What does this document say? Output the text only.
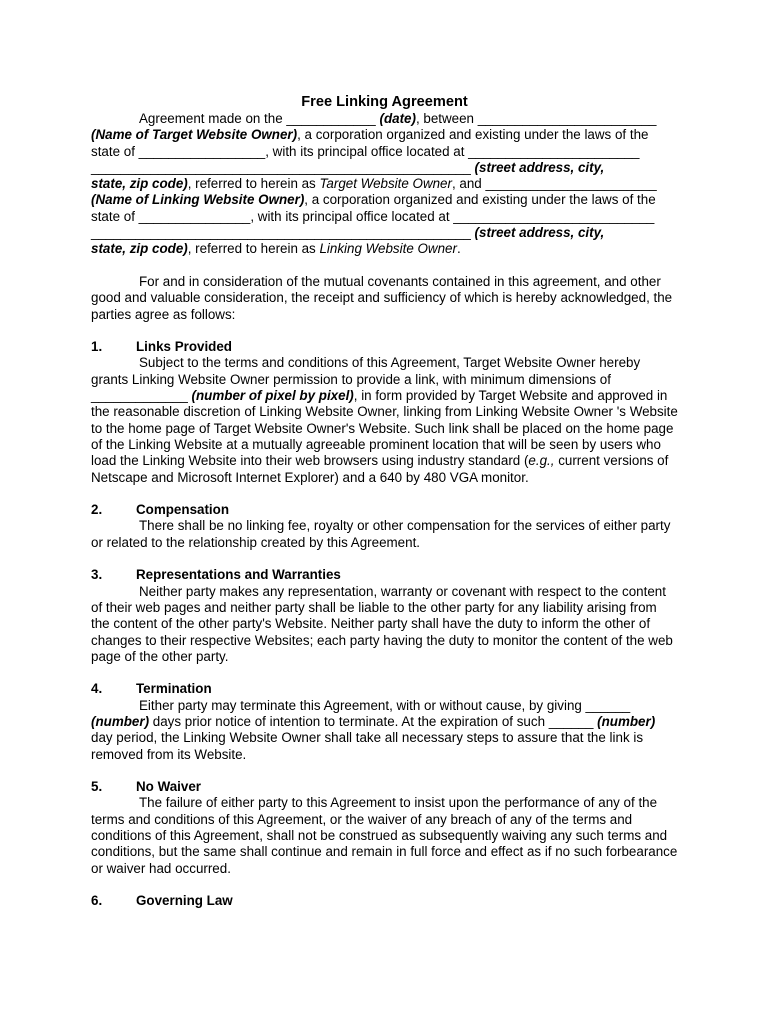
Free Linking Agreement

Agreement made on the ____________ (date), between ________________________

(Name of Target Website Owner), a corporation organized and existing under the laws of the

state of _________________, with its principal office located at _______________________

___________________________________________________ (street address, city,

state, zip code), referred to herein as Target Website Owner, and _______________________

(Name of Linking Website Owner), a corporation organized and existing under the laws of the

state of _______________, with its principal office located at ___________________________

___________________________________________________ (street address, city,

state, zip code), referred to herein as Linking Website Owner.

For and in consideration of the mutual covenants contained in this agreement, and other good and valuable consideration, the receipt and sufficiency of which is hereby acknowledged, the parties agree as follows:

1.	Links Provided

Subject to the terms and conditions of this Agreement, Target Website Owner hereby grants Linking Website Owner permission to provide a link, with minimum dimensions of _____________ (number of pixel by pixel), in form provided by Target Website and approved in the reasonable discretion of Linking Website Owner, linking from Linking Website Owner 's Website to the home page of Target Website Owner's Website. Such link shall be placed on the home page of the Linking Website at a mutually agreeable prominent location that will be seen by users who load the Linking Website into their web browsers using industry standard (e.g., current versions of Netscape and Microsoft Internet Explorer) and a 640 by 480 VGA monitor.

2.	Compensation

There shall be no linking fee, royalty or other compensation for the services of either party or related to the relationship created by this Agreement.

3.	Representations and Warranties

Neither party makes any representation, warranty or covenant with respect to the content of their web pages and neither party shall be liable to the other party for any liability arising from the content of the other party's Website. Neither party shall have the duty to inform the other of changes to their respective Websites; each party having the duty to monitor the content of the web page of the other party.

4.	Termination

Either party may terminate this Agreement, with or without cause, by giving ______ (number) days prior notice of intention to terminate. At the expiration of such ______ (number) day period, the Linking Website Owner shall take all necessary steps to assure that the link is removed from its Website.

5.	No Waiver

The failure of either party to this Agreement to insist upon the performance of any of the terms and conditions of this Agreement, or the waiver of any breach of any of the terms and conditions of this Agreement, shall not be construed as subsequently waiving any such terms and conditions, but the same shall continue and remain in full force and effect as if no such forbearance or waiver had occurred.

6.	Governing Law
